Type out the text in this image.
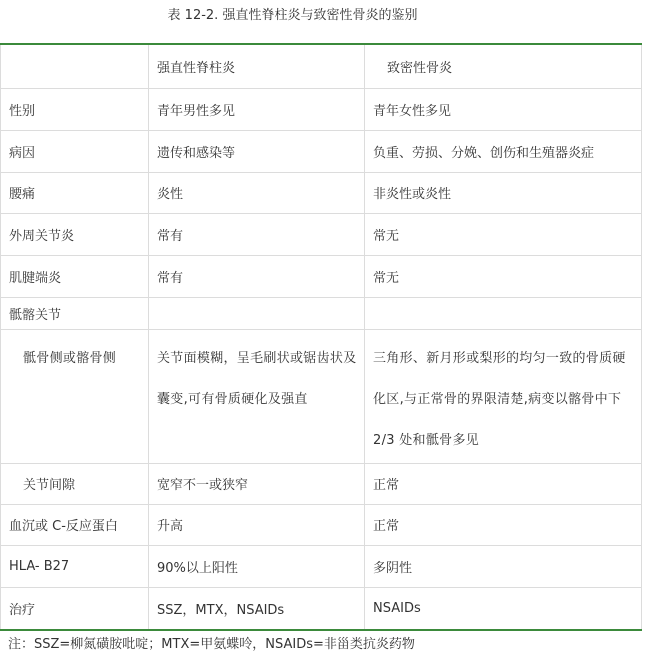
表 12-2. 强直性脊柱炎与致密性骨炎的鉴别
	强直性脊柱炎	致密性骨炎
性别	青年男性多见	青年女性多见
病因	遗传和感染等	负重、劳损、分娩、创伤和生殖器炎症
腰痛	炎性	非炎性或炎性
外周关节炎	常有	常无
肌腱端炎	常有	常无
骶髂关节		
骶骨侧或髂骨侧	关节面模糊，呈毛刷状或锯齿状及囊变,可有骨质硬化及强直	三角形、新月形或梨形的均匀一致的骨质硬化区,与正常骨的界限清楚,病变以髂骨中下 2/3 处和骶骨多见
关节间隙	宽窄不一或狭窄	正常
血沉或 C-反应蛋白	升高	正常
HLA- B27	90%以上阳性	多阴性
治疗	SSZ，MTX，NSAIDs	NSAIDs
注：SSZ=柳氮磺胺吡啶；MTX=甲氨蝶呤，NSAIDs=非甾类抗炎药物
